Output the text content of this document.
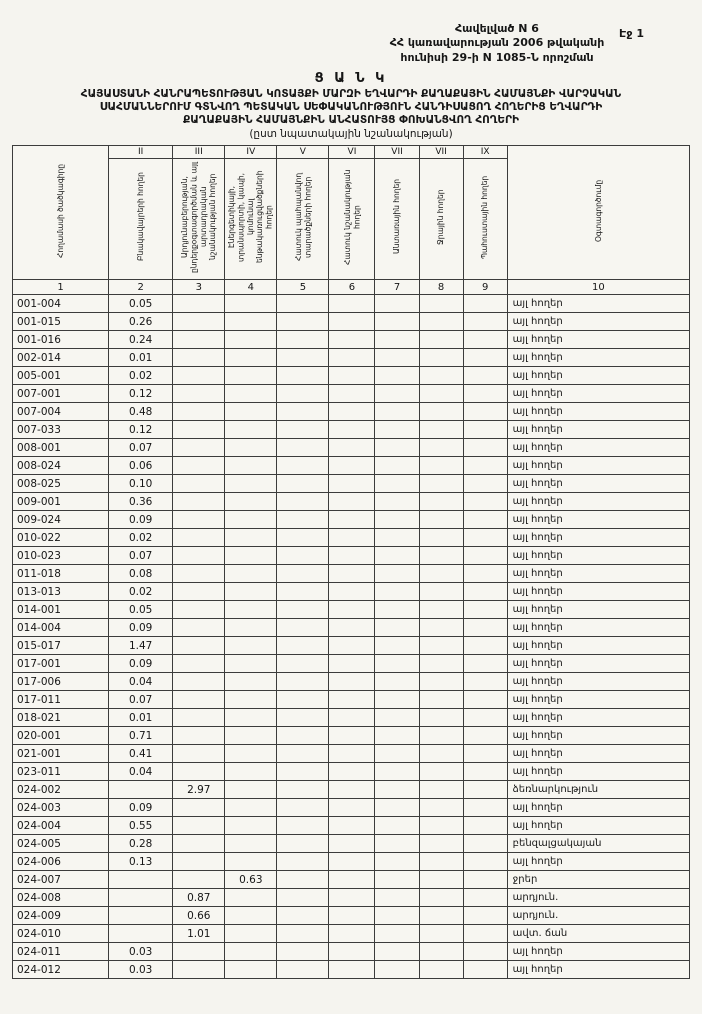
Էջ 1
Հավելված N 6
ՀՀ կառավարության 2006 թվականի
հունիսի 29-ի N 1085-Ն որոշման
Ց Ա Ն Կ
ՀԱՅԱՍՏԱՆԻ ՀԱՆՐԱՊԵՏՈՒԹՅԱՆ ԿՈՏԱՅՔԻ ՄԱՐԶԻ ԵՂՎԱՐԴԻ ՔԱՂԱՔԱՅԻՆ ՀԱՄԱՅՆՔԻ ՎԱՐՉԱԿԱՆ
ՍԱՀՄԱՆՆԵՐՈՒՄ ԳՏՆՎՈՂ ՊԵՏԱԿԱՆ ՍԵՓԱԿԱՆՈՒԹՅՈՒՆ ՀԱՆԴԻՍԱՑՈՂ ՀՈՂԵՐԻՑ ԵՂՎԱՐԴԻ
ՔԱՂԱՔԱՅԻՆ ՀԱՄԱՅՆՔԻՆ ԱՆՀԱՏՈՒՅՑ ՓՈԽԱՆՑՎՈՂ ՀՈՂԵՐԻ
(ըստ նպատակային նշանակության)
Հողամասի ծածկագիրը	II	III	IV	V	VI	VII	VII	IX	Օգտագործումը
	Բնակավայրերի հողեր	Արդյունաբերության, ընդերքօգտագործման և այլ արտադրական նշանակության հողեր	Էներգետիկայի, տրանսպորտի, կապի, կոմունալ ենթակառուցվածքների հողեր	Հատուկ պահպանվող տարածքների հողեր	Հատուկ նշանակության հողեր	Անտառային հողեր	Ջրային հողեր	Պահուստային հողեր	
1	2	3	4	5	6	7	8	9	10
001-004	0.05								այլ հողեր
001-015	0.26								այլ հողեր
001-016	0.24								այլ հողեր
002-014	0.01								այլ հողեր
005-001	0.02								այլ հողեր
007-001	0.12								այլ հողեր
007-004	0.48								այլ հողեր
007-033	0.12								այլ հողեր
008-001	0.07								այլ հողեր
008-024	0.06								այլ հողեր
008-025	0.10								այլ հողեր
009-001	0.36								այլ հողեր
009-024	0.09								այլ հողեր
010-022	0.02								այլ հողեր
010-023	0.07								այլ հողեր
011-018	0.08								այլ հողեր
013-013	0.02								այլ հողեր
014-001	0.05								այլ հողեր
014-004	0.09								այլ հողեր
015-017	1.47								այլ հողեր
017-001	0.09								այլ հողեր
017-006	0.04								այլ հողեր
017-011	0.07								այլ հողեր
018-021	0.01								այլ հողեր
020-001	0.71								այլ հողեր
021-001	0.41								այլ հողեր
023-011	0.04								այլ հողեր
024-002		2.97							ձեռնարկություն
024-003	0.09								այլ հողեր
024-004	0.55								այլ հողեր
024-005	0.28								բենզալցակայան
024-006	0.13								այլ հողեր
024-007			0.63						ջրեր
024-008		0.87							արդյուն.
024-009		0.66							արդյուն.
024-010		1.01							ավտ. ճան
024-011	0.03								այլ հողեր
024-012	0.03								այլ հողեր
